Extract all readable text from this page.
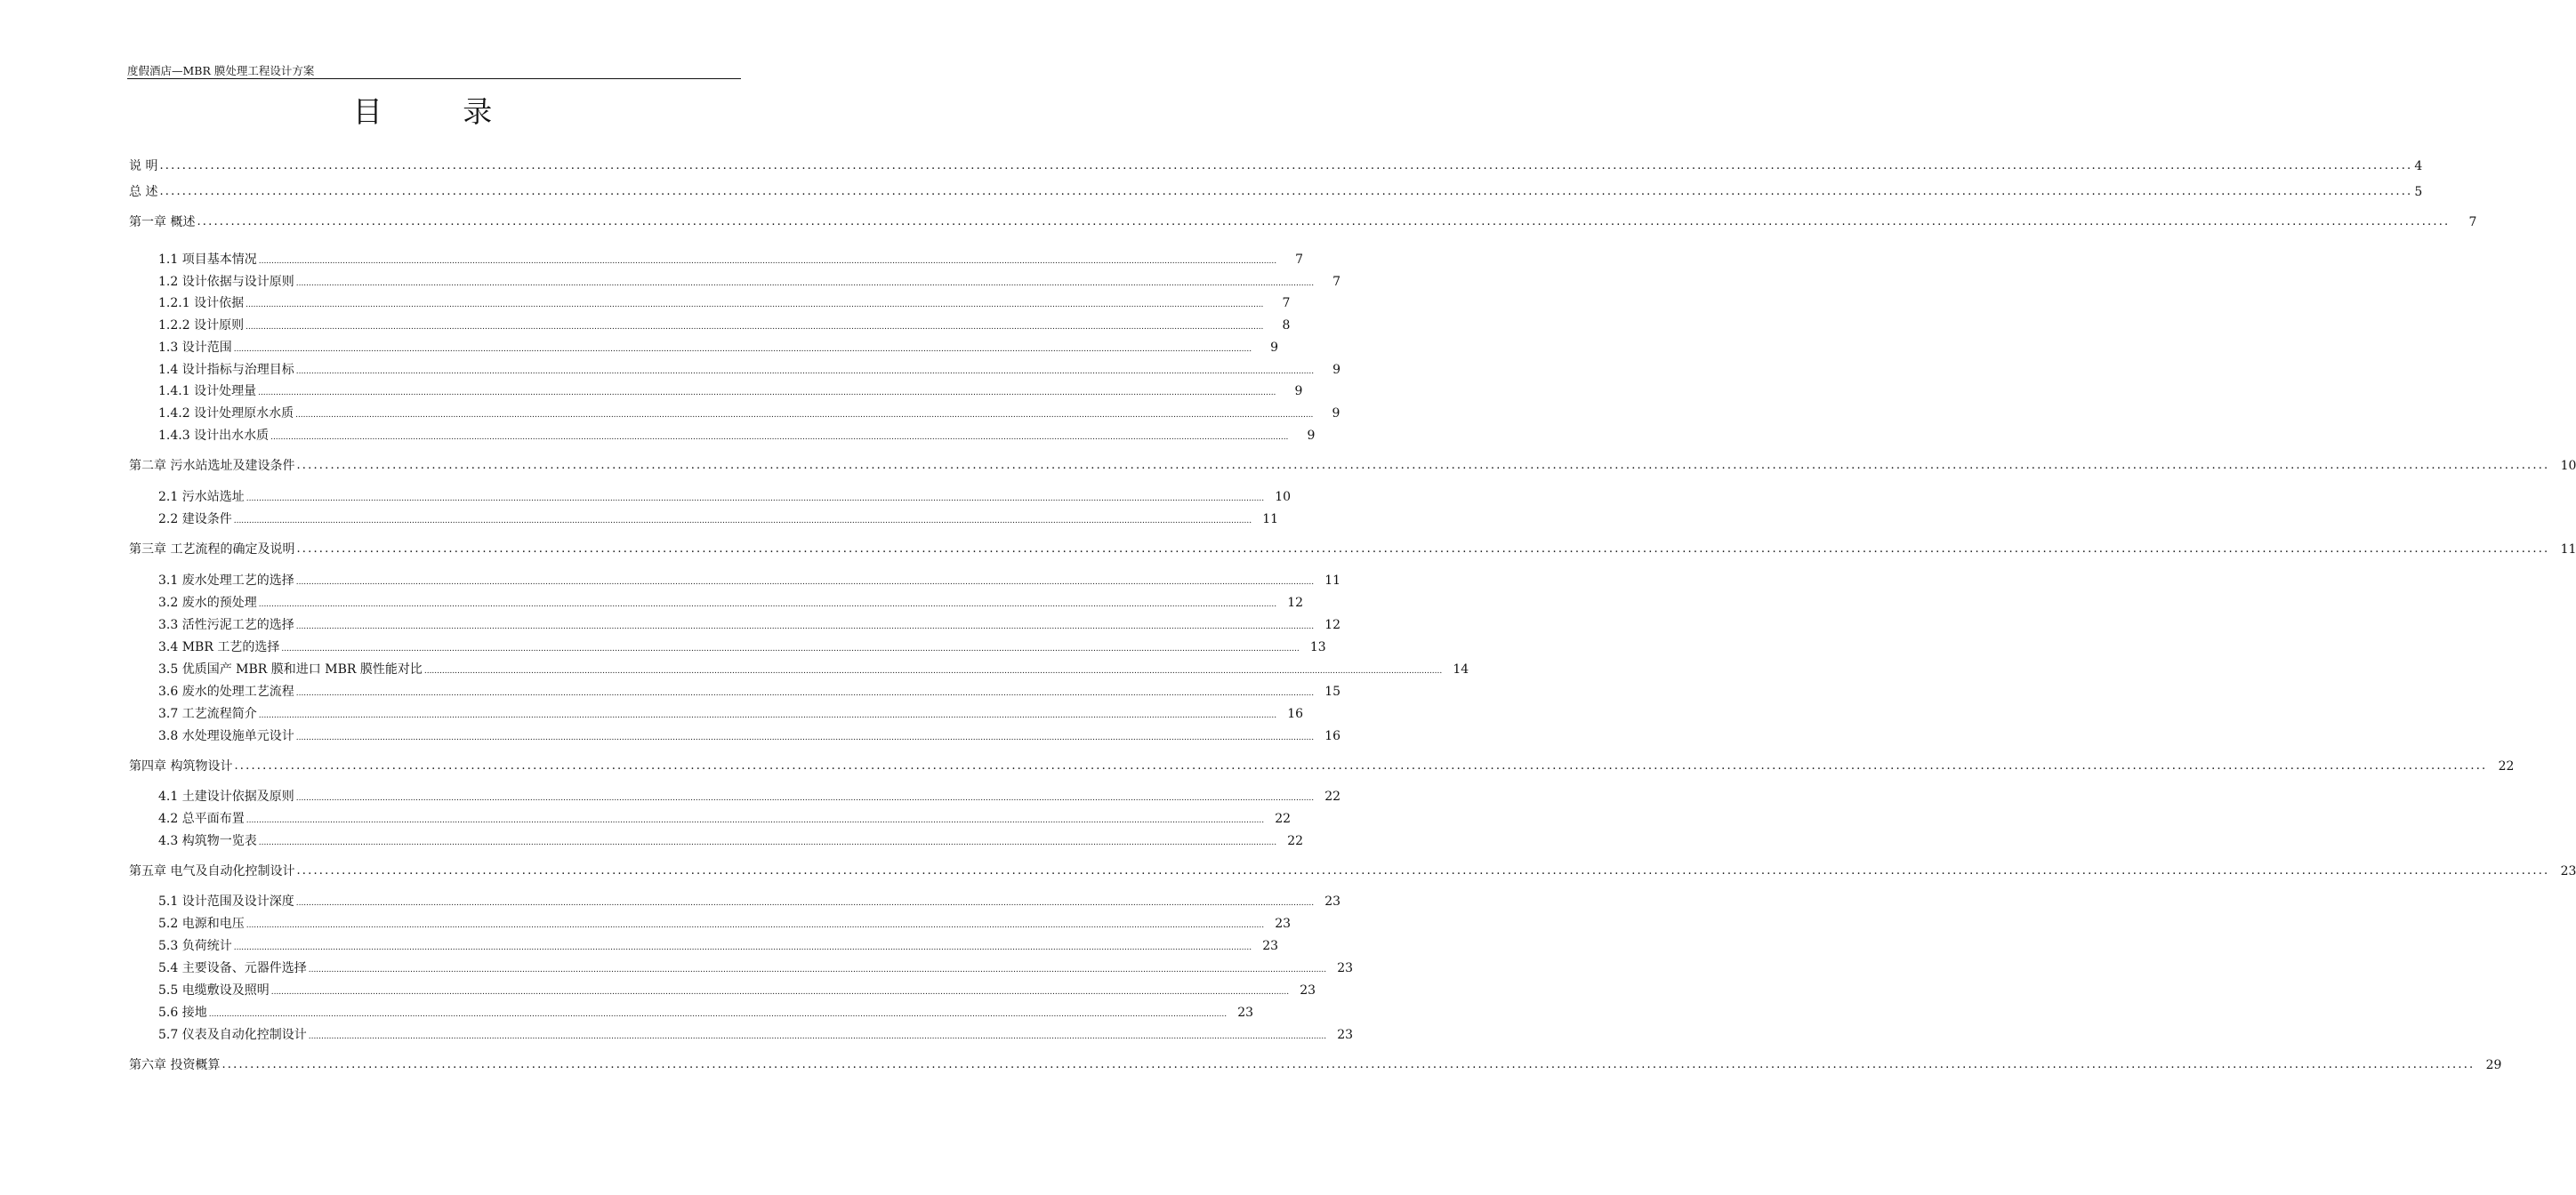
度假酒店—MBR 膜处理工程设计方案
目 录
说 明 ................................................................................................................................................................................................................................................................................................................................................................................................................ 4
总 述 ................................................................................................................................................................................................................................................................................................................................................................................................................ 5
第一章 概述 ................................................................................................................................................................................................................................................................................................................................................................................................................	7
1.1 项目基本情况 ................................................................................................................................................................................................................................................................................................................................................................................................................	7
1.2 设计依据与设计原则 ................................................................................................................................................................................................................................................................................................................................................................................................................	7
1.2.1 设计依据 ................................................................................................................................................................................................................................................................................................................................................................................................................	7
1.2.2 设计原则 ................................................................................................................................................................................................................................................................................................................................................................................................................	8
1.3 设计范围 ................................................................................................................................................................................................................................................................................................................................................................................................................	9
1.4 设计指标与治理目标 ................................................................................................................................................................................................................................................................................................................................................................................................................	9
1.4.1 设计处理量 ................................................................................................................................................................................................................................................................................................................................................................................................................	9
1.4.2 设计处理原水水质 ................................................................................................................................................................................................................................................................................................................................................................................................................	9
1.4.3 设计出水水质 ................................................................................................................................................................................................................................................................................................................................................................................................................	9
第二章 污水站选址及建设条件 ................................................................................................................................................................................................................................................................................................................................................................................................................ 10
2.1 污水站选址 ................................................................................................................................................................................................................................................................................................................................................................................................................ 10
2.2 建设条件 ................................................................................................................................................................................................................................................................................................................................................................................................................ 11
第三章 工艺流程的确定及说明 ................................................................................................................................................................................................................................................................................................................................................................................................................ 11
3.1 废水处理工艺的选择 ................................................................................................................................................................................................................................................................................................................................................................................................................ 11
3.2 废水的预处理 ................................................................................................................................................................................................................................................................................................................................................................................................................ 12
3.3 活性污泥工艺的选择 ................................................................................................................................................................................................................................................................................................................................................................................................................ 12
3.4 MBR 工艺的选择 ................................................................................................................................................................................................................................................................................................................................................................................................................ 13
3.5 优质国产 MBR 膜和进口 MBR 膜性能对比 ................................................................................................................................................................................................................................................................................................................................................................................................................ 14
3.6 废水的处理工艺流程 ................................................................................................................................................................................................................................................................................................................................................................................................................ 15
3.7 工艺流程简介 ................................................................................................................................................................................................................................................................................................................................................................................................................ 16
3.8 水处理设施单元设计 ................................................................................................................................................................................................................................................................................................................................................................................................................ 16
第四章 构筑物设计 ................................................................................................................................................................................................................................................................................................................................................................................................................ 22
4.1 土建设计依据及原则 ................................................................................................................................................................................................................................................................................................................................................................................................................ 22
4.2 总平面布置 ................................................................................................................................................................................................................................................................................................................................................................................................................ 22
4.3 构筑物一览表 ................................................................................................................................................................................................................................................................................................................................................................................................................ 22
第五章 电气及自动化控制设计 ................................................................................................................................................................................................................................................................................................................................................................................................................ 23
5.1 设计范围及设计深度 ................................................................................................................................................................................................................................................................................................................................................................................................................ 23
5.2 电源和电压 ................................................................................................................................................................................................................................................................................................................................................................................................................ 23
5.3 负荷统计 ................................................................................................................................................................................................................................................................................................................................................................................................................ 23
5.4 主要设备、元器件选择 ................................................................................................................................................................................................................................................................................................................................................................................................................ 23
5.5 电缆敷设及照明 ................................................................................................................................................................................................................................................................................................................................................................................................................ 23
5.6 接地 ................................................................................................................................................................................................................................................................................................................................................................................................................ 23
5.7 仪表及自动化控制设计 ................................................................................................................................................................................................................................................................................................................................................................................................................ 23
第六章 投资概算 ................................................................................................................................................................................................................................................................................................................................................................................................................ 29
